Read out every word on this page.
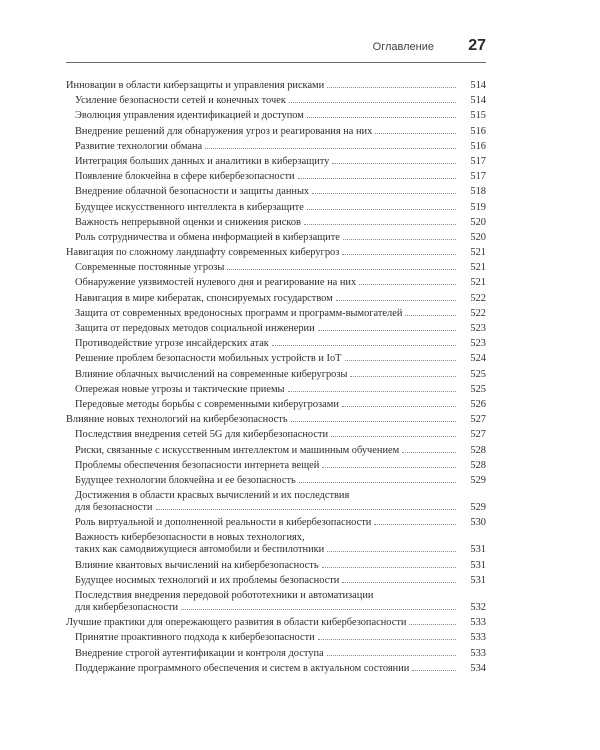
Оглавление 27
Инновации в области киберзащиты и управления рисками	514
Усиление безопасности сетей и конечных точек	514
Эволюция управления идентификацией и доступом	515
Внедрение решений для обнаружения угроз и реагирования на них	516
Развитие технологии обмана	516
Интеграция больших данных и аналитики в киберзащиту	517
Появление блокчейна в сфере кибербезопасности	517
Внедрение облачной безопасности и защиты данных	518
Будущее искусственного интеллекта в киберзащите	519
Важность непрерывной оценки и снижения рисков	520
Роль сотрудничества и обмена информацией в киберзащите	520
Навигация по сложному ландшафту современных киберугроз	521
Современные постоянные угрозы	521
Обнаружение уязвимостей нулевого дня и реагирование на них	521
Навигация в мире кибератак, спонсируемых государством	522
Защита от современных вредоносных программ и программ-вымогателей	522
Защита от передовых методов социальной инженерии	523
Противодействие угрозе инсайдерских атак	523
Решение проблем безопасности мобильных устройств и IoT	524
Влияние облачных вычислений на современные киберугрозы	525
Опережая новые угрозы и тактические приемы	525
Передовые методы борьбы с современными киберугрозами	526
Влияние новых технологий на кибербезопасность	527
Последствия внедрения сетей 5G для кибербезопасности	527
Риски, связанные с искусственным интеллектом и машинным обучением	528
Проблемы обеспечения безопасности интернета вещей	528
Будущее технологии блокчейна и ее безопасность	529
Достижения в области красвых вычислений и их последствия
для безопасности	529
Роль виртуальной и дополненной реальности в кибербезопасности	530
Важность кибербезопасности в новых технологиях,
таких как самодвижущиеся автомобили и беспилотники	531
Влияние квантовых вычислений на кибербезопасность	531
Будущее носимых технологий и их проблемы безопасности	531
Последствия внедрения передовой робототехники и автоматизации
для кибербезопасности	532
Лучшие практики для опережающего развития в области кибербезопасности	533
Принятие проактивного подхода к кибербезопасности	533
Внедрение строгой аутентификации и контроля доступа	533
Поддержание программного обеспечения и систем в актуальном состоянии	534
